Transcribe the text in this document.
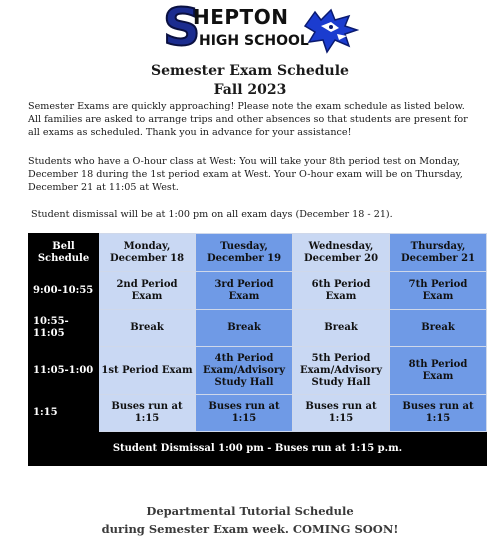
S
HEPTON
HIGH SCHOOL
Semester Exam Schedule
Fall 2023
Semester Exams are quickly approaching! Please note the exam schedule as listed below. All families are asked to arrange trips and other absences so that students are present for all exams as scheduled. Thank you in advance for your assistance!
Students who have a O-hour class at West: You will take your 8th period test on Monday, December 18 during the 1st period exam at West. Your O-hour exam will be on Thursday, December 21 at 11:05 at West.
Student dismissal will be at 1:00 pm on all exam days (December 18 - 21).
Bell Schedule	Monday, December 18	Tuesday, December 19	Wednesday, December 20	Thursday, December 21
9:00-10:55	2nd Period Exam	3rd Period Exam	6th Period Exam	7th Period Exam
10:55-11:05	Break	Break	Break	Break
11:05-1:00	1st Period Exam	4th Period Exam/Advisory Study Hall	5th Period Exam/Advisory Study Hall	8th Period Exam
1:15	Buses run at 1:15	Buses run at 1:15	Buses run at 1:15	Buses run at 1:15
Student Dismissal 1:00 pm - Buses run at 1:15 p.m.				
Departmental Tutorial Schedule
during Semester Exam week. COMING SOON!
